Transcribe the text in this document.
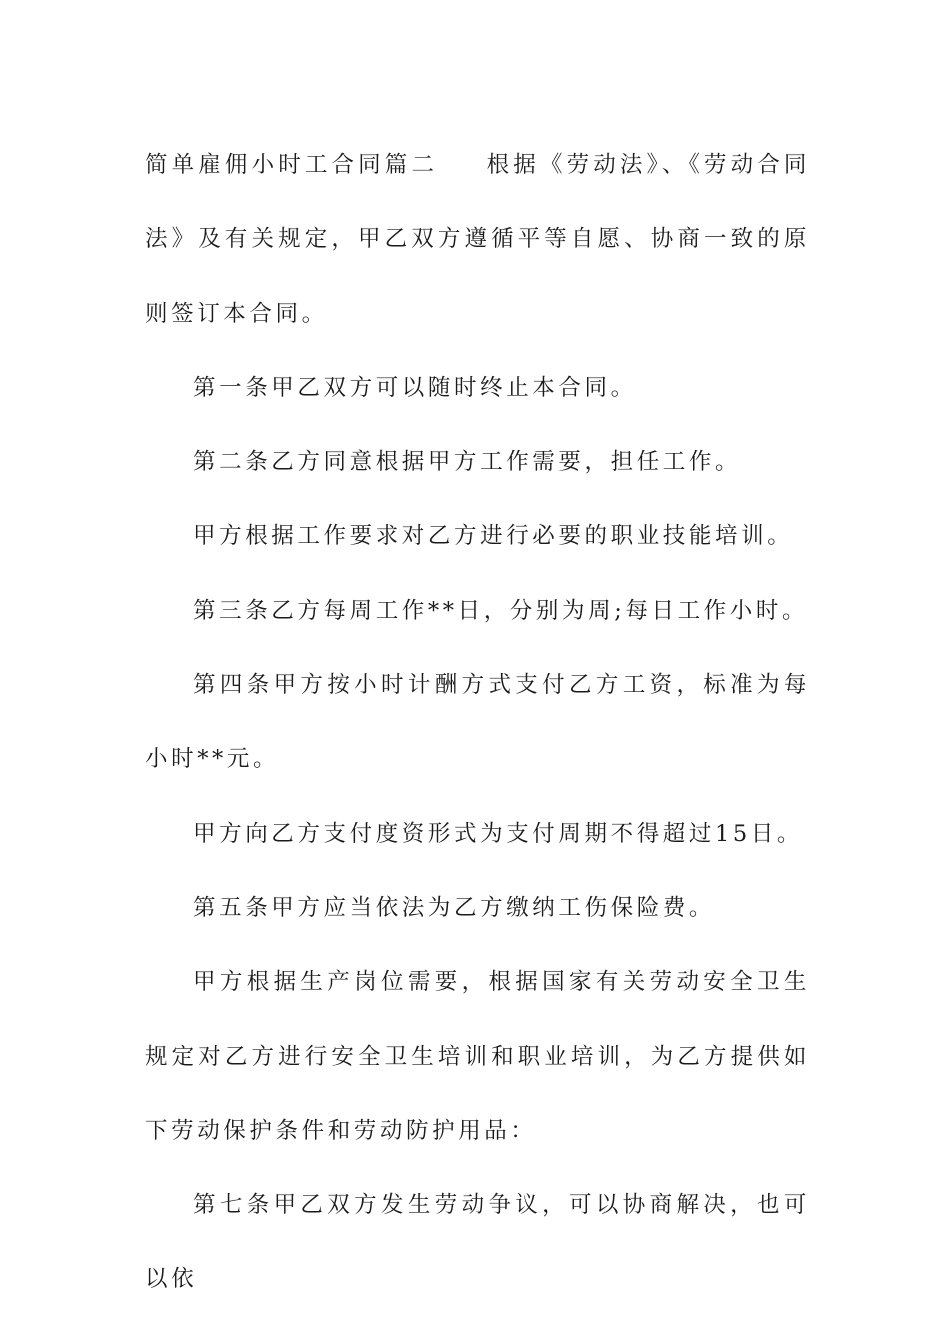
简单雇佣小时工合同篇二 根据《劳动法》、《劳动合同法》及有关规定，甲乙双方遵循平等自愿、协商一致的原则签订本合同。

第一条甲乙双方可以随时终止本合同。

第二条乙方同意根据甲方工作需要，担任工作。

甲方根据工作要求对乙方进行必要的职业技能培训。

第三条乙方每周工作**日，分别为周;每日工作小时。

第四条甲方按小时计酬方式支付乙方工资，标准为每小时**元。

甲方向乙方支付度资形式为支付周期不得超过15日。

第五条甲方应当依法为乙方缴纳工伤保险费。

甲方根据生产岗位需要，根据国家有关劳动安全卫生规定对乙方进行安全卫生培训和职业培训，为乙方提供如下劳动保护条件和劳动防护用品：

第七条甲乙双方发生劳动争议，可以协商解决，也可以依
